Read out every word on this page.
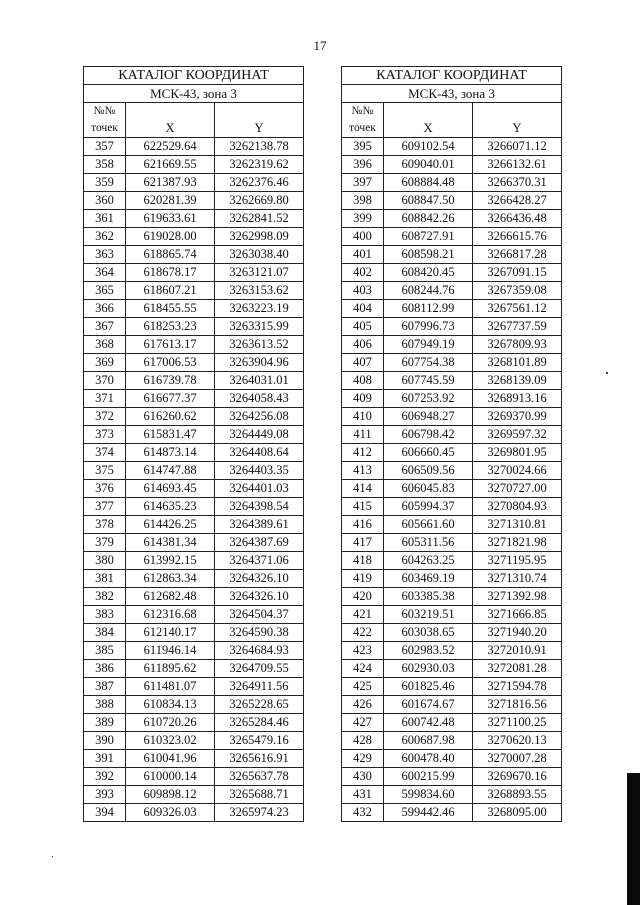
17
КАТАЛОГ КООРДИНАТ		
МСК-43, зона 3		
№№
точек	X	Y
357	622529.64	3262138.78
358	621669.55	3262319.62
359	621387.93	3262376.46
360	620281.39	3262669.80
361	619633.61	3262841.52
362	619028.00	3262998.09
363	618865.74	3263038.40
364	618678.17	3263121.07
365	618607.21	3263153.62
366	618455.55	3263223.19
367	618253.23	3263315.99
368	617613.17	3263613.52
369	617006.53	3263904.96
370	616739.78	3264031.01
371	616677.37	3264058.43
372	616260.62	3264256.08
373	615831.47	3264449.08
374	614873.14	3264408.64
375	614747.88	3264403.35
376	614693.45	3264401.03
377	614635.23	3264398.54
378	614426.25	3264389.61
379	614381.34	3264387.69
380	613992.15	3264371.06
381	612863.34	3264326.10
382	612682.48	3264326.10
383	612316.68	3264504.37
384	612140.17	3264590.38
385	611946.14	3264684.93
386	611895.62	3264709.55
387	611481.07	3264911.56
388	610834.13	3265228.65
389	610720.26	3265284.46
390	610323.02	3265479.16
391	610041.96	3265616.91
392	610000.14	3265637.78
393	609898.12	3265688.71
394	609326.03	3265974.23
КАТАЛОГ КООРДИНАТ		
МСК-43, зона 3		
№№
точек	X	Y
395	609102.54	3266071.12
396	609040.01	3266132.61
397	608884.48	3266370.31
398	608847.50	3266428.27
399	608842.26	3266436.48
400	608727.91	3266615.76
401	608598.21	3266817.28
402	608420.45	3267091.15
403	608244.76	3267359.08
404	608112.99	3267561.12
405	607996.73	3267737.59
406	607949.19	3267809.93
407	607754.38	3268101.89
408	607745.59	3268139.09
409	607253.92	3268913.16
410	606948.27	3269370.99
411	606798.42	3269597.32
412	606660.45	3269801.95
413	606509.56	3270024.66
414	606045.83	3270727.00
415	605994.37	3270804.93
416	605661.60	3271310.81
417	605311.56	3271821.98
418	604263.25	3271195.95
419	603469.19	3271310.74
420	603385.38	3271392.98
421	603219.51	3271666.85
422	603038.65	3271940.20
423	602983.52	3272010.91
424	602930.03	3272081.28
425	601825.46	3271594.78
426	601674.67	3271816.56
427	600742.48	3271100.25
428	600687.98	3270620.13
429	600478.40	3270007.28
430	600215.99	3269670.16
431	599834.60	3268893.55
432	599442.46	3268095.00
